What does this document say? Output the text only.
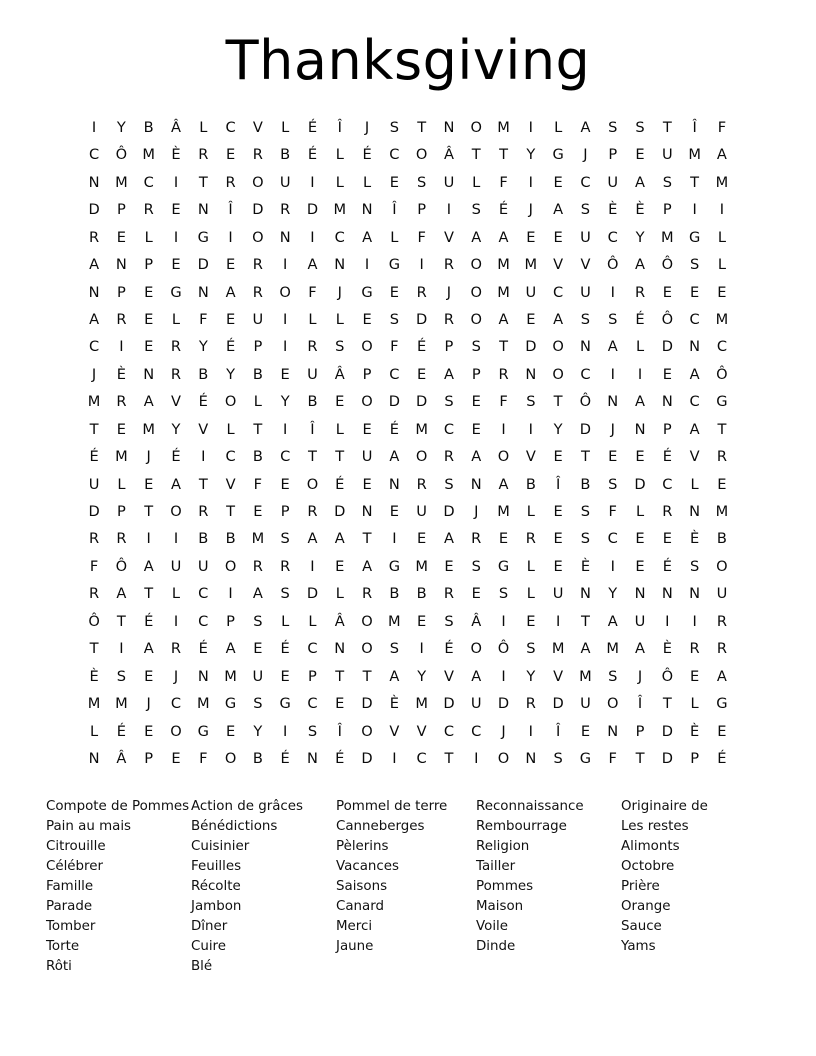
Thanksgiving
I	Y	B	Â	L	C	V	L	É	Î	J	S	T	N	O	M	I	L	A	S	S	T	Î	F
C	Ô	M	È	R	E	R	B	É	L	É	C	O	Â	T	T	Y	G	J	P	E	U	M	A
N	M	C	I	T	R	O	U	I	L	L	E	S	U	L	F	I	E	C	U	A	S	T	M
D	P	R	E	N	Î	D	R	D	M	N	Î	P	I	S	É	J	A	S	È	È	P	I	I
R	E	L	I	G	I	O	N	I	C	A	L	F	V	A	A	E	E	U	C	Y	M	G	L
A	N	P	E	D	E	R	I	A	N	I	G	I	R	O	M	M	V	V	Ô	A	Ô	S	L
N	P	E	G	N	A	R	O	F	J	G	E	R	J	O	M	U	C	U	I	R	E	E	E
A	R	E	L	F	E	U	I	L	L	E	S	D	R	O	A	E	A	S	S	É	Ô	C	M
C	I	E	R	Y	É	P	I	R	S	O	F	É	P	S	T	D	O	N	A	L	D	N	C
J	È	N	R	B	Y	B	E	U	Â	P	C	E	A	P	R	N	O	C	I	I	E	A	Ô
M	R	A	V	É	O	L	Y	B	E	O	D	D	S	E	F	S	T	Ô	N	A	N	C	G
T	E	M	Y	V	L	T	I	Î	L	E	É	M	C	E	I	I	Y	D	J	N	P	A	T
É	M	J	É	I	C	B	C	T	T	U	A	O	R	A	O	V	E	T	E	E	É	V	R
U	L	E	A	T	V	F	E	O	É	E	N	R	S	N	A	B	Î	B	S	D	C	L	E
D	P	T	O	R	T	E	P	R	D	N	E	U	D	J	M	L	E	S	F	L	R	N	M
R	R	I	I	B	B	M	S	A	A	T	I	E	A	R	E	R	E	S	C	E	E	È	B
F	Ô	A	U	U	O	R	R	I	E	A	G	M	E	S	G	L	E	È	I	E	É	S	O
R	A	T	L	C	I	A	S	D	L	R	B	B	R	E	S	L	U	N	Y	N	N	N	U
Ô	T	É	I	C	P	S	L	L	Â	O	M	E	S	Â	I	E	I	T	A	U	I	I	R
T	I	A	R	É	A	E	É	C	N	O	S	I	É	O	Ô	S	M	A	M	A	È	R	R
È	S	E	J	N	M	U	E	P	T	T	A	Y	V	A	I	Y	V	M	S	J	Ô	E	A
M	M	J	C	M	G	S	G	C	E	D	È	M	D	U	D	R	D	U	O	Î	T	L	G
L	É	E	O	G	E	Y	I	S	Î	O	V	V	C	C	J	I	Î	E	N	P	D	È	E
N	Â	P	E	F	O	B	É	N	É	D	I	C	T	I	O	N	S	G	F	T	D	P	É
Compote de Pommes
Pain au mais
Citrouille
Célébrer
Famille
Parade
Tomber
Torte
Rôti
Action de grâces
Bénédictions
Cuisinier
Feuilles
Récolte
Jambon
Dîner
Cuire
Blé
Pommel de terre
Canneberges
Pèlerins
Vacances
Saisons
Canard
Merci
Jaune
Reconnaissance
Rembourrage
Religion
Tailler
Pommes
Maison
Voile
Dinde
Originaire de
Les restes
Alimonts
Octobre
Prière
Orange
Sauce
Yams
